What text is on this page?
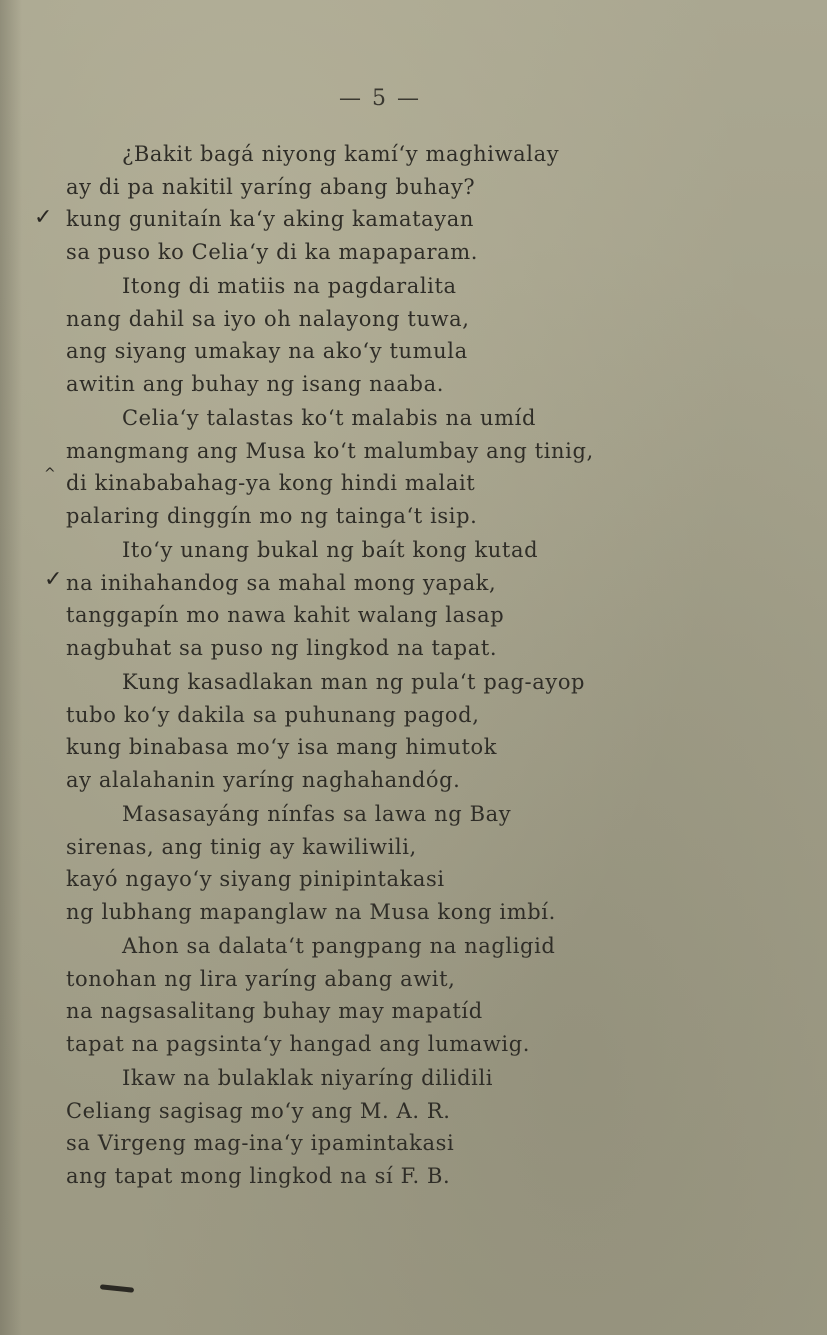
— 5 —
✓
^
✓
¿Bakit bagá niyong kamí‘y maghiwalay
ay di pa nakitil yaríng abang buhay?
kung gunitaín ka‘y aking kamatayan
sa puso ko Celia‘y di ka mapaparam.
Itong di matiis na pagdaralita
nang dahil sa iyo oh nalayong tuwa,
ang siyang umakay na ako‘y tumula
awitin ang buhay ng isang naaba.
Celia‘y talastas ko‘t malabis na umíd
mangmang ang Musa ko‘t malumbay ang tinig,
di kinababahag-ya kong hindi malait
palaring dinggín mo ng tainga‘t isip.
Ito‘y unang bukal ng baít kong kutad
na inihahandog sa mahal mong yapak,
tanggapín mo nawa kahit walang lasap
nagbuhat sa puso ng lingkod na tapat.
Kung kasadlakan man ng pula‘t pag-ayop
tubo ko‘y dakila sa puhunang pagod,
kung binabasa mo‘y isa mang himutok
ay alalahanin yaríng naghahandóg.
Masasayáng nínfas sa lawa ng Bay
sirenas, ang tinig ay kawiliwili,
kayó ngayo‘y siyang pinipintakasi
ng lubhang mapanglaw na Musa kong imbí.
Ahon sa dalata‘t pangpang na nagligid
tonohan ng lira yaríng abang awit,
na nagsasalitang buhay may mapatíd
tapat na pagsinta‘y hangad ang lumawig.
Ikaw na bulaklak niyaríng dilidili
Celiang sagisag mo‘y ang M. A. R.
sa Virgeng mag-ina‘y ipamintakasi
ang tapat mong lingkod na sí F. B.
